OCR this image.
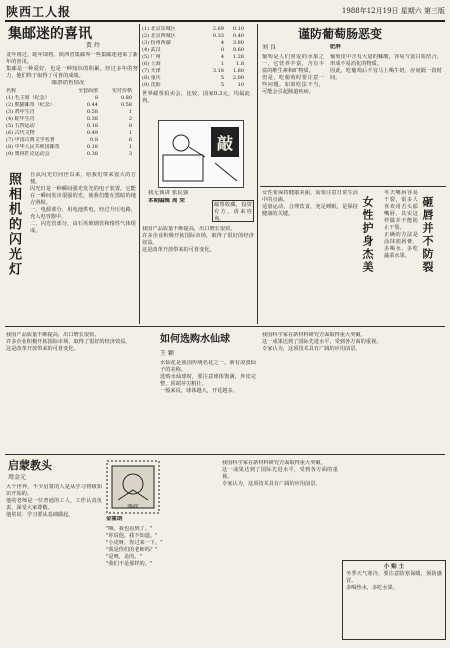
陕西工人报	1988年12月19日 星期六 第三版
集邮迷的喜讯
贾 玲

龙年将过，蛇年即将，陕西省集邮界一些集邮迷迎来了新年的喜讯。

集邮是一种爱好，也是一种知识的积累。经过多年的努力，他们终于取得了可喜的成绩。

邮票销售情况
名称	全套面值	实付价格
(1) 毛主席（纪念）	8	0.80
(2) 熊猫邮票（纪念）	0.44	0.58
(3) 鸡年生肖	0.58	1
(4) 蛇年生肖	0.38	2
(5) 五四运动	0.18	8
(6) 古代文物	0.49	1
(7) 中国古典文学名著	0.8	6
(8) 中华人民共和国邮票	0.18	1
(9) 奥林匹克运动会	0.38	3
(1) 北京东城区	2.69	0.10
(2) 北京西城区	0.33	0.40
(3) 杭州西湖	4	3.80
(4) 武汉	0	0.60
(5) 广州	4	1.28
(6) 上海	1	1.8
(7) 天津	3.18	1.80
(8) 重庆	5	2.00
(9) 沈阳	5	10

世界邮票拍卖会，比较，国家0.3元，均属此列。

照相机的闪光灯 自从闪光灯问世以来，给我们带来很大的方便。

闪光灯是一种瞬间强光发光的电子装置。它能在一瞬间发出很强的光，使我们能在黑暗的地方照相。

一、电源部分，用电池供电，经过升压电路，充入电容器中。

二、闪光管部分，由石英玻璃管和惰性气体组成。

敲
我无该讲 张民强
本期编辑 周 荣
邮票收藏，投资有方，请来咨询。

我国产品质量不断提高，出口增长很快。

许多企业积极开拓国际市场，取得了很好的经济效益。

这是改革开放带来的可喜变化。

谨防葡萄肠恶变
刘 良

葡萄是人们喜爱的水果之一，它营养丰富，含有丰富的维生素和矿物质。

但是，吃葡萄时要注意一些问题。如果吃法不当，可能会引起肠道疾病。

肥胖

葡萄皮中含有大量的鞣酸，容易与蛋白质结合，形成不易消化的物质。

因此，吃葡萄后不宜马上喝牛奶，应间隔一段时间。

女性要保持健康美丽，需要注意日常生活中的点滴。

适量运动，合理饮食，充足睡眠，是保持健康的关键。	女性护身杰美	砸唇并不防裂

冬天嘴唇容易干裂，很多人喜欢用舌头舔嘴唇，其实这样做并不能防止干裂。

正确的方法是涂抹润唇膏，多喝水，多吃蔬菜水果。

如何选购水仙球
王 颖

水仙花是我国传统名花之一，素有凌波仙子的美称。

选购水仙球时，要注意球体饱满，外皮完整，顶端芽尖粗壮。

一般来说，球体越大，开花越多。

我国产品质量不断提高，出口增长很快。

许多企业积极开拓国际市场，取得了很好的经济效益。

这是改革开放带来的可喜变化。

我国科学家在新材料研究方面取得重大突破。

这一成果达到了国际先进水平，受到各方面的重视。

专家认为，这项技术具有广阔的应用前景。

启蒙教头
周金元

大干世界，不少启蒙的人是从学习初级知识开始的。

他的老师是一位普通的工人，工作认真负责，深受大家尊敬。

他常说：学习要从基础做起。

邮政
金霍朗

"嗨，我也看到了。"

"你说他，我不知道。"

"小虎呀，你过来一下。"

"我是你们的老师吗？"

"是呀，是的。"

"我们不是那样的。"

我国科学家在新材料研究方面取得重大突破。

这一成果达到了国际先进水平，受到各方面的重视。

专家认为，这项技术具有广阔的应用前景。

小 贴 士

冬季天气寒冷，要注意防寒保暖，预防感冒。

多喝热水，多吃水果。
